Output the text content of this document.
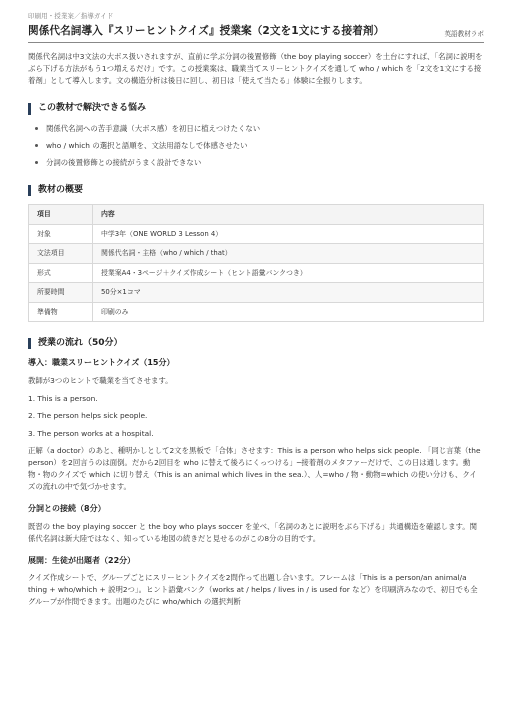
印刷用・授業案／指導ガイド
関係代名詞導入『スリーヒントクイズ』授業案（2文を1文にする接着剤）	英語教材ラボ

関係代名詞は中3文法の大ボス扱いされますが、直前に学ぶ分詞の後置修飾（the boy playing soccer）を土台にすれば、「名詞に説明をぶら下げる方法がもう1つ増えるだけ」です。この授業案は、職業当てスリーヒントクイズを通して who / which を「2文を1文にする接着剤」として導入します。文の構造分析は後日に回し、初日は「使えて当たる」体験に全振りします。

この教材で解決できる悩み
関係代名詞への苦手意識（大ボス感）を初日に植えつけたくない
who / which の選択と語順を、文法用語なしで体感させたい
分詞の後置修飾との接続がうまく設計できない
教材の概要
項目	内容
対象	中学3年（ONE WORLD 3 Lesson 4）
文法項目	関係代名詞・主格（who / which / that）
形式	授業案A4・3ページ＋クイズ作成シート（ヒント語彙バンクつき）
所要時間	50分×1コマ
準備物	印刷のみ
授業の流れ（50分）
導入：職業スリーヒントクイズ（15分）

教師が3つのヒントで職業を当てさせます。

1. This is a person.
2. The person helps sick people.
3. The person works at a hospital.

正解（a doctor）のあと、種明かしとして2文を黒板で「合体」させます：This is a person who helps sick people. 「同じ言葉（the person）を2回言うのは面倒。だから2回目を who に替えて後ろにくっつける」─接着剤のメタファーだけで、この日は通します。動物・物のクイズで which に切り替え（This is an animal which lives in the sea.）、人=who / 物・動物=which の使い分けも、クイズの流れの中で気づかせます。

分詞との接続（8分）

既習の the boy playing soccer と the boy who plays soccer を並べ、「名詞のあとに説明をぶら下げる」共通構造を確認します。関係代名詞は新大陸ではなく、知っている地図の続きだと見せるのがこの8分の目的です。

展開：生徒が出題者（22分）

クイズ作成シートで、グループごとにスリーヒントクイズを2問作って出題し合います。フレームは「This is a person/an animal/a thing + who/which + 説明2つ」。ヒント語彙バンク（works at / helps / lives in / is used for など）を印刷済みなので、初日でも全グループが作問できます。出題のたびに who/which の選択判断
